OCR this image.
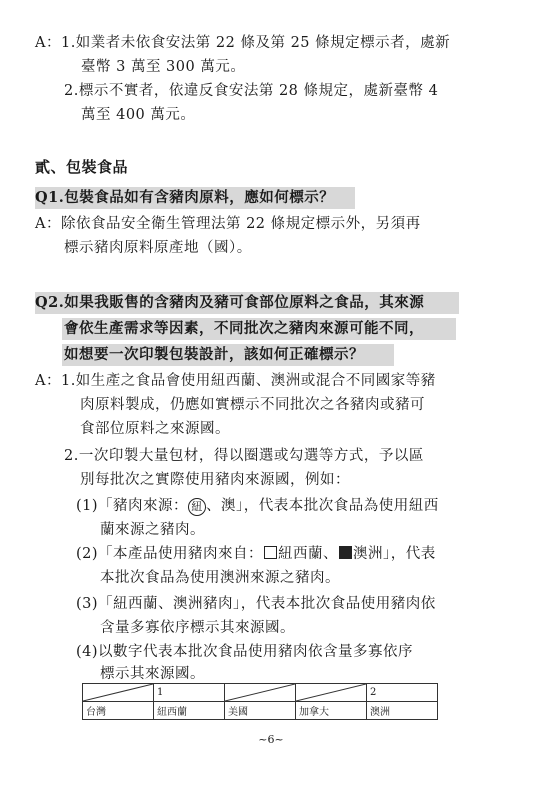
A：1.如業者未依食安法第 22 條及第 25 條規定標示者，處新
臺幣 3 萬至 300 萬元。
2.標示不實者，依違反食安法第 28 條規定，處新臺幣 4
萬至 400 萬元。
貳、包裝食品
Q1.包裝食品如有含豬肉原料，應如何標示？
A：除依食品安全衛生管理法第 22 條規定標示外，另須再
標示豬肉原料原產地（國）。
Q2.如果我販售的含豬肉及豬可食部位原料之食品，其來源
會依生產需求等因素，不同批次之豬肉來源可能不同，
如想要一次印製包裝設計，該如何正確標示？
A：1.如生產之食品會使用紐西蘭、澳洲或混合不同國家等豬
肉原料製成，仍應如實標示不同批次之各豬肉或豬可
食部位原料之來源國。
2.一次印製大量包材，得以圈選或勾選等方式，予以區
別每批次之實際使用豬肉來源國，例如：
(1)「豬肉來源： 紐 、澳」，代表本批次食品為使用紐西
蘭來源之豬肉。
(2)「本產品使用豬肉來自： 紐西蘭、 澳洲」，代表
本批次食品為使用澳洲來源之豬肉。
(3)「紐西蘭、澳洲豬肉」，代表本批次食品使用豬肉依
含量多寡依序標示其來源國。
(4)以數字代表本批次食品使用豬肉依含量多寡依序
標示其來源國。
	1			2
台灣	紐西蘭	美國	加拿大	澳洲
~6~
